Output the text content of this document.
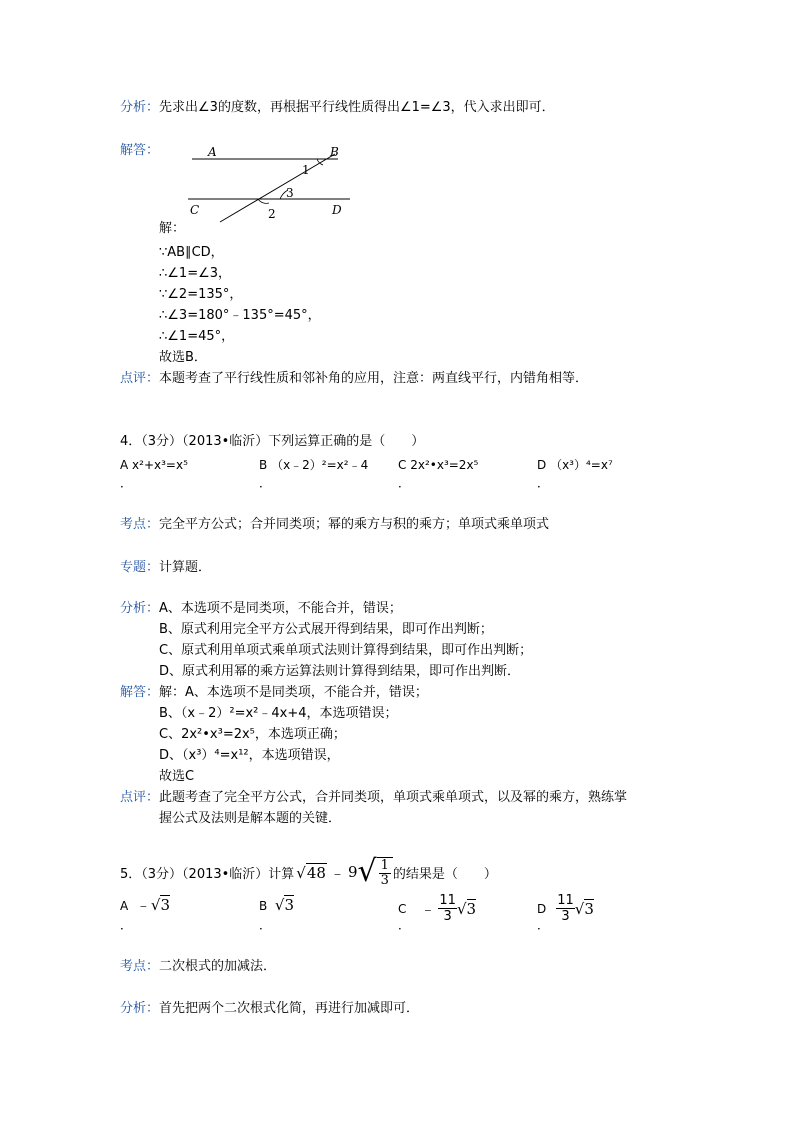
分析：先求出∠3的度数，再根据平行线性质得出∠1=∠3，代入求出即可．
解答：	A	B
C	D
1
3
2
解：
∵AB∥CD，
∴∠1=∠3，
∵∠2=135°，
∴∠3=180°﹣135°=45°，
∴∠1=45°，
故选B．
点评：本题考查了平行线性质和邻补角的应用，注意：两直线平行，内错角相等．
4．（3分）（2013•临沂）下列运算正确的是（　　）
A x²+x³=x⁵	B （x﹣2）²=x²﹣4 C 2x²•x³=2x⁵	D （x³）⁴=x⁷
．	．	．	．
考点：完全平方公式；合并同类项；幂的乘方与积的乘方；单项式乘单项式
专题：计算题．
分析：A、本选项不是同类项，不能合并，错误；
B、原式利用完全平方公式展开得到结果，即可作出判断；
C、原式利用单项式乘单项式法则计算得到结果，即可作出判断；
D、原式利用幂的乘方运算法则计算得到结果，即可作出判断．
解答：解：A、本选项不是同类项，不能合并，错误；
B、（x﹣2）²=x²﹣4x+4，本选项错误；
C、2x²•x³=2x⁵，本选项正确；
D、（x³）⁴=x¹²，本选项错误，
故选C
点评：此题考查了完全平方公式，合并同类项，单项式乘单项式，以及幂的乘方，熟练掌
握公式及法则是解本题的关键．
5．（3分）（2013•临沂）计算 √ 48 ﹣ 9 √ $\frac{1}{3}$ 的结果是（　　）
A ﹣√3	B √3	C ﹣ $\frac{11}{3}$ √ 3	D $\frac{11}{3}$ √ 3
．	．	．	．
考点：二次根式的加减法．
分析：首先把两个二次根式化简，再进行加减即可．
